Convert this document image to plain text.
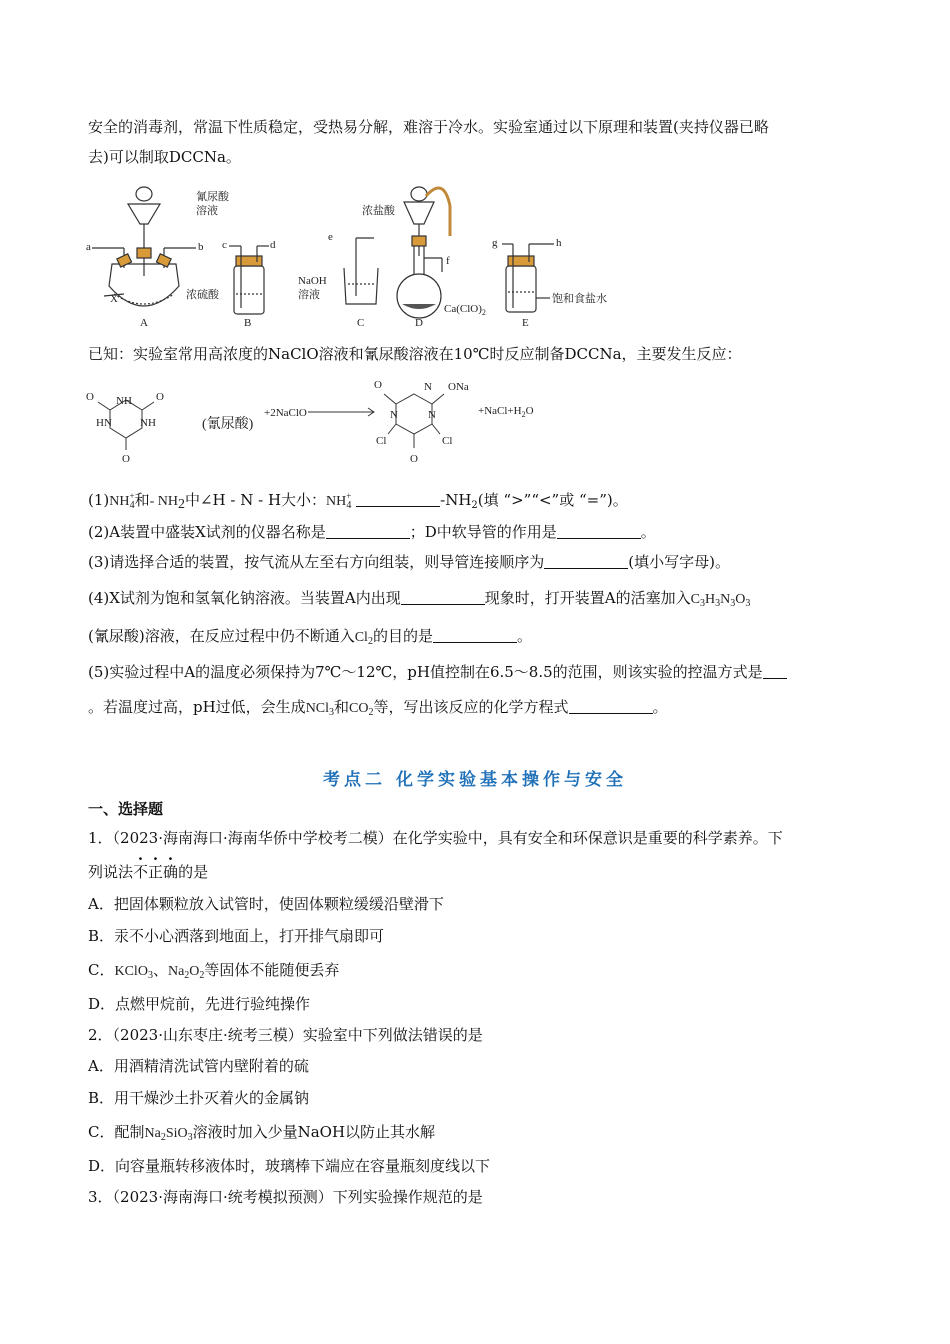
安全的消毒剂，常温下性质稳定，受热易分解，难溶于冷水。实验室通过以下原理和装置(夹持仪器已略
去)可以制取DCCNa。
氰尿酸
溶液
a	b
X
A
c	d
浓硫酸
B
e
NaOH
溶液
C
浓盐酸
f
$Ca(ClO)_2$
D
g	h
饱和食盐水
E
已知：实验室常用高浓度的NaClO溶液和氰尿酸溶液在10℃时反应制备DCCNa，主要发生反应：
O NH O
HN	NH
O
(氰尿酸)
+2NaClO
O	N ONa
N	N
Cl	Cl
O
$+NaCl+H_2O$
$(1)NH^+_4$和- NH2中∠H - N - H大小：$NH^+_4$	$-NH_2$(填 “>”“<”或 “=”)。
(2)A装置中盛装X试剂的仪器名称是	；D中软导管的作用是	。
(3)请选择合适的装置，按气流从左至右方向组装，则导管连接顺序为	(填小写字母)。
(4)X试剂为饱和氢氧化钠溶液。当装置A内出现	现象时，打开装置A的活塞加入$C_3H_3N_3O_3$
(氰尿酸)溶液，在反应过程中仍不断通入$Cl_2$的目的是	。
(5)实验过程中A的温度必须保持为7℃～12℃，pH值控制在6.5～8.5的范围，则该实验的控温方式是
。若温度过高，pH过低，会生成NCl$_3$和$CO_2$等，写出该反应的化学方程式	。
考点二 化学实验基本操作与安全
一、选择题
1．（2023·海南海口·海南华侨中学校考二模）在化学实验中，具有安全和环保意识是重要的科学素养。下
列说法不正确的是
A．把固体颗粒放入试管时，使固体颗粒缓缓沿壁滑下
B．汞不小心洒落到地面上，打开排气扇即可
C．KClO$_3$、$Na_2O_2$等固体不能随便丢弃
D．点燃甲烷前，先进行验纯操作
2．（2023·山东枣庄·统考三模）实验室中下列做法错误的是
A．用酒精清洗试管内壁附着的硫
B．用干燥沙土扑灭着火的金属钠
C．配制$Na_2SiO_3$溶液时加入少量NaOH以防止其水解
D．向容量瓶转移液体时，玻璃棒下端应在容量瓶刻度线以下
3．（2023·海南海口·统考模拟预测）下列实验操作规范的是
